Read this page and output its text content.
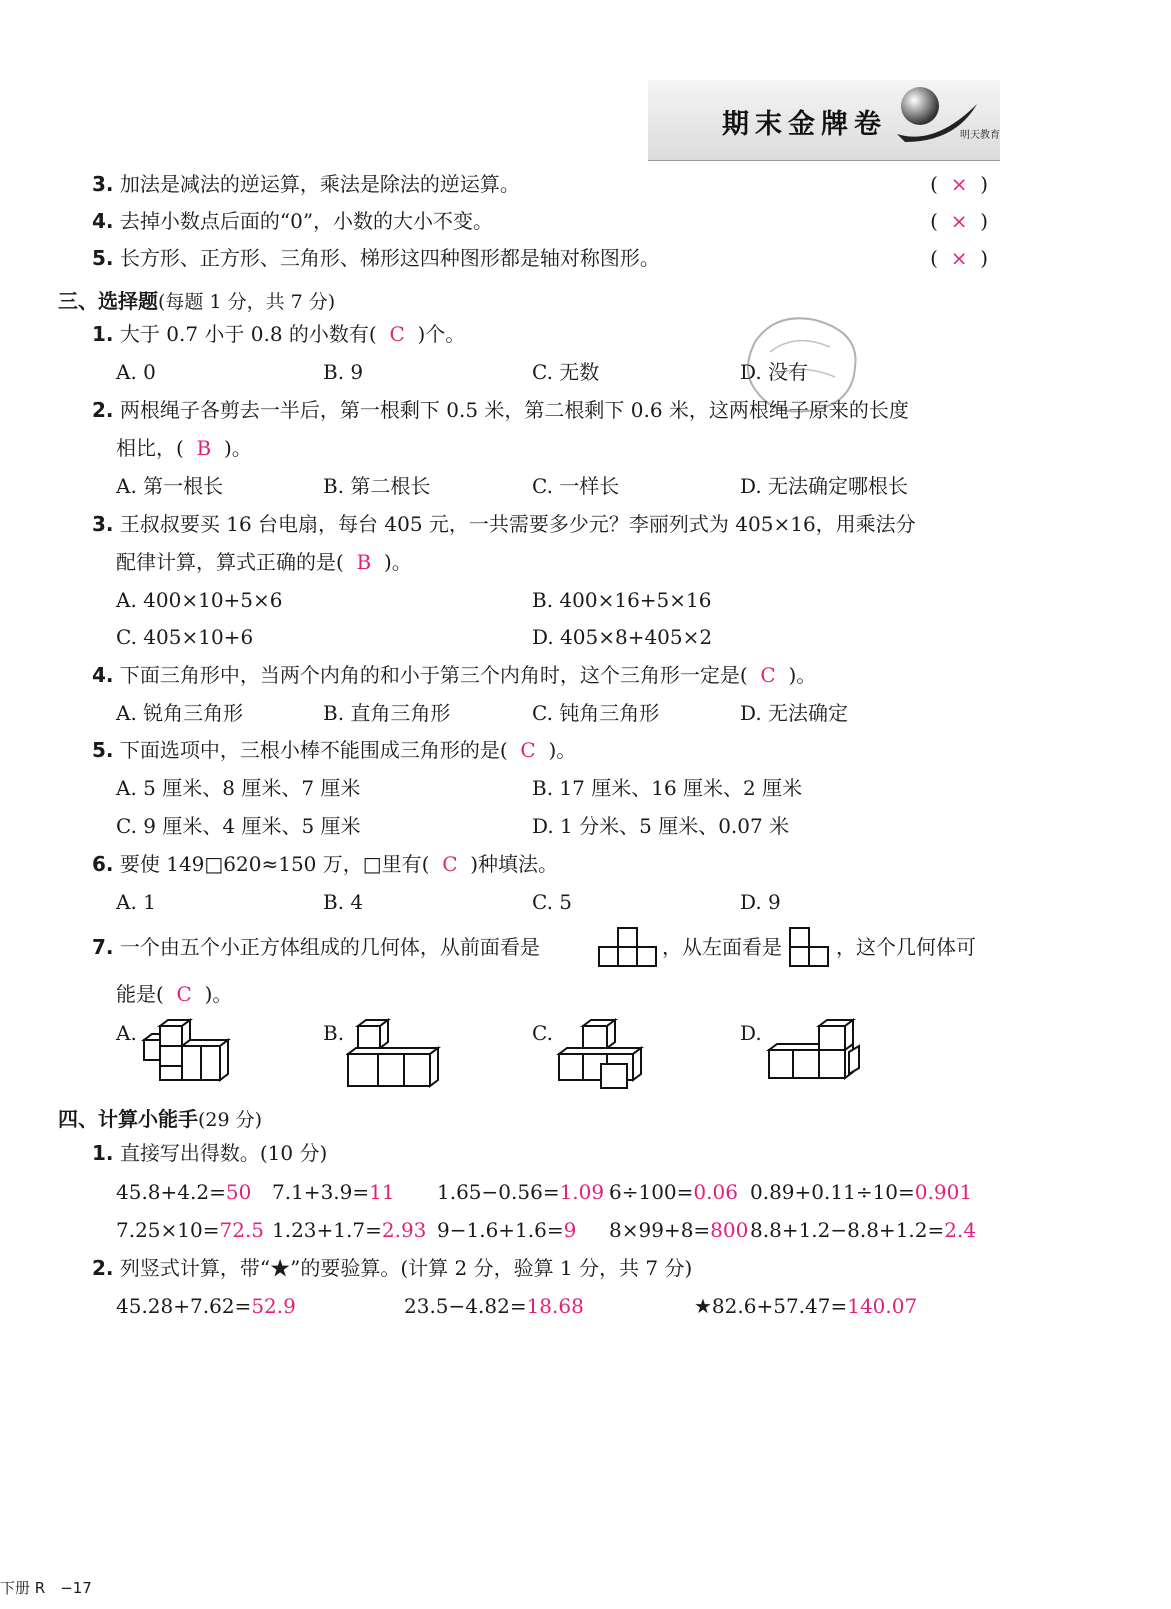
期末金牌卷	明天教育
3. 加法是减法的逆运算，乘法是除法的逆运算。	( × )
4. 去掉小数点后面的“0”，小数的大小不变。	( × )
5. 长方形、正方形、三角形、梯形这四种图形都是轴对称图形。	( × )
三、选择题(每题 1 分，共 7 分)
1. 大于 0.7 小于 0.8 的小数有( C )个。
A. 0	B. 9	C. 无数	D. 没有
2. 两根绳子各剪去一半后，第一根剩下 0.5 米，第二根剩下 0.6 米，这两根绳子原来的长度
相比，( B )。
A. 第一根长	B. 第二根长	C. 一样长	D. 无法确定哪根长
3. 王叔叔要买 16 台电扇，每台 405 元，一共需要多少元？李丽列式为 405×16，用乘法分
配律计算，算式正确的是( B )。
A. 400×10+5×6	B. 400×16+5×16
C. 405×10+6	D. 405×8+405×2
4. 下面三角形中，当两个内角的和小于第三个内角时，这个三角形一定是( C )。
A. 锐角三角形	B. 直角三角形	C. 钝角三角形	D. 无法确定
5. 下面选项中，三根小棒不能围成三角形的是( C )。
A. 5 厘米、8 厘米、7 厘米	B. 17 厘米、16 厘米、2 厘米
C. 9 厘米、4 厘米、5 厘米	D. 1 分米、5 厘米、0.07 米
6. 要使 149□620≈150 万，□里有( C )种填法。
A. 1	B. 4	C. 5	D. 9
7. 一个由五个小正方体组成的几何体，从前面看是	，从左面看是	，这个几何体可
能是( C )。
A.	B.	C.	D.
四、计算小能手(29 分)
1. 直接写出得数。(10 分)
45.8+4.2=50 7.1+3.9=11 1.65−0.56=1.09 6÷100=0.06 0.89+0.11÷10=0.901
7.25×10=72.5 1.23+1.7=2.93 9−1.6+1.6=9 8×99+8=800 8.8+1.2−8.8+1.2=2.4
2. 列竖式计算，带“★”的要验算。(计算 2 分，验算 1 分，共 7 分)
45.28+7.62=52.9	23.5−4.82=18.68	★82.6+57.47=140.07
下册 R　−17
